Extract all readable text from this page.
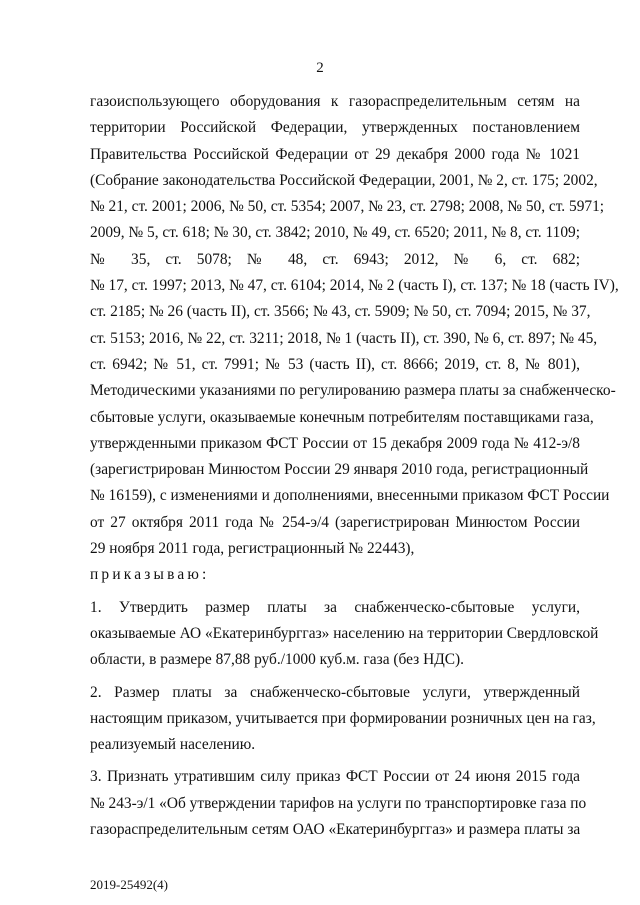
2
газоиспользующего оборудования к газораспределительным сетям на
территории Российской Федерации, утвержденных постановлением
Правительства Российской Федерации от 29 декабря 2000 года № 1021
(Собрание законодательства Российской Федерации, 2001, № 2, ст. 175; 2002,
№ 21, ст. 2001; 2006, № 50, ст. 5354; 2007, № 23, ст. 2798; 2008, № 50, ст. 5971;
2009, № 5, ст. 618; № 30, ст. 3842; 2010, № 49, ст. 6520; 2011, № 8, ст. 1109;
№ 35, ст. 5078; № 48, ст. 6943; 2012, № 6, ст. 682;
№ 17, ст. 1997; 2013, № 47, ст. 6104; 2014, № 2 (часть I), ст. 137; № 18 (часть IV),
ст. 2185; № 26 (часть II), ст. 3566; № 43, ст. 5909; № 50, ст. 7094; 2015, № 37,
ст. 5153; 2016, № 22, ст. 3211; 2018, № 1 (часть II), ст. 390, № 6, ст. 897; № 45,
ст. 6942; № 51, ст. 7991; № 53 (часть II), ст. 8666; 2019, ст. 8, № 801),
Методическими указаниями по регулированию размера платы за снабженческо-
сбытовые услуги, оказываемые конечным потребителям поставщиками газа,
утвержденными приказом ФСТ России от 15 декабря 2009 года № 412-э/8
(зарегистрирован Минюстом России 29 января 2010 года, регистрационный
№ 16159), с изменениями и дополнениями, внесенными приказом ФСТ России
от 27 октября 2011 года № 254-э/4 (зарегистрирован Минюстом России
29 ноября 2011 года, регистрационный № 22443),
приказываю:
1. Утвердить размер платы за снабженческо-сбытовые услуги,
оказываемые АО «Екатеринбурггаз» населению на территории Свердловской
области, в размере 87,88 руб./1000 куб.м. газа (без НДС).
2. Размер платы за снабженческо-сбытовые услуги, утвержденный
настоящим приказом, учитывается при формировании розничных цен на газ,
реализуемый населению.
3. Признать утратившим силу приказ ФСТ России от 24 июня 2015 года
№ 243-э/1 «Об утверждении тарифов на услуги по транспортировке газа по
газораспределительным сетям ОАО «Екатеринбурггаз» и размера платы за
2019-25492(4)
